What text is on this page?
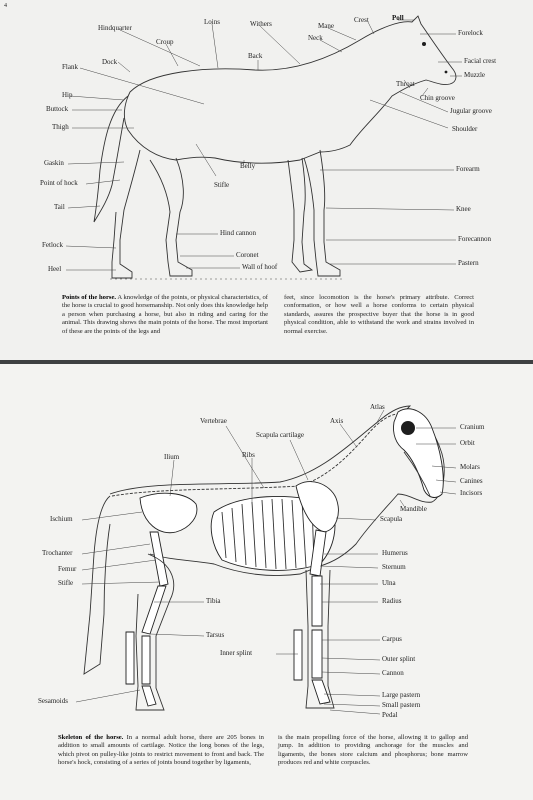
4
Hindquarter
Loins	Withers	Mane
Crest	Poll
Forelock
Croup	Neck
Back
Dock
Flank
Facial crest
Muzzle
Throat
Chin groove
Hip
Jugular groove
Buttock
Thigh	Shoulder
Gaskin	Belly	Forearm
Point of hock	Stifle
Tail	Knee
Hind cannon
Fetlock
Forecannon
Coronet
Heel	Wall of hoof	Pastern
Points of the horse. A knowledge of the points, or physical characteristics, of the horse is crucial to good horsemanship. Not only does this knowledge help a person when purchasing a horse, but also in riding and caring for the animal. This drawing shows the main points of the horse. The most important of these are the points of the legs and
feet, since locomotion is the horse's primary attribute. Correct conformation, or how well a horse conforms to certain physical standards, assures the prospective buyer that the horse is in good physical condition, able to withstand the work and strains involved in normal exercise.
Atlas
Vertebrae	Axis
Cranium
Scapula cartilage
Orbit
Ilium	Ribs
Molars
Canines
Incisors
Mandible
Ischium	Scapula
Trochanter	Humerus
Femur	Sternum
Stifle	Ulna
Tibia	Radius
Tarsus	Carpus
Inner splint
Outer splint
Cannon
Sesamoids
Large pastern
Small pastern
Pedal
Skeleton of the horse. In a normal adult horse, there are 205 bones in addition to small amounts of cartilage. Notice the long bones of the legs, which pivot on pulley-like joints to restrict movement to front and back. The horse's hock, consisting of a series of joints bound together by ligaments,
is the main propelling force of the horse, allowing it to gallop and jump. In addition to providing anchorage for the muscles and ligaments, the bones store calcium and phosphorus; bone marrow produces red and white corpuscles.
